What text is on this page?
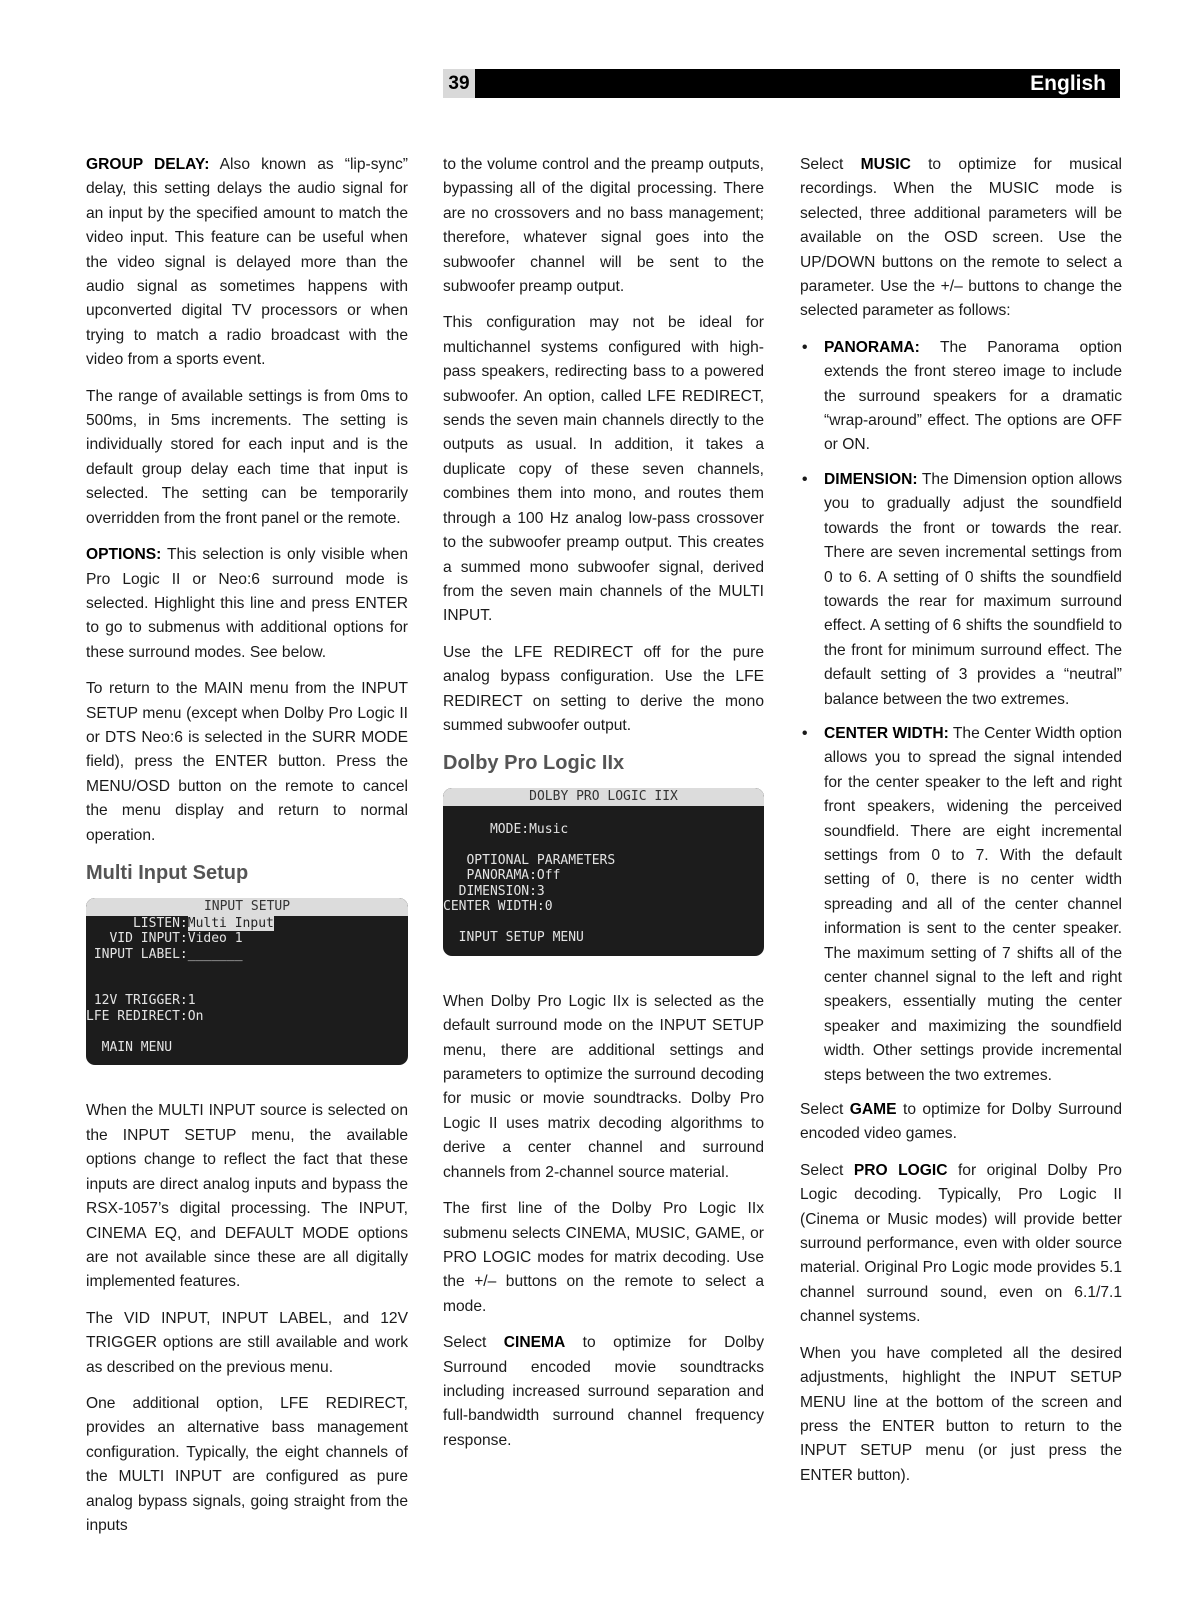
39	English

GROUP DELAY: Also known as “lip-sync” delay, this setting delays the audio signal for an input by the specified amount to match the video input. This feature can be useful when the video signal is delayed more than the audio signal as sometimes happens with upconverted digital TV processors or when trying to match a radio broadcast with the video from a sports event.

The range of available settings is from 0ms to 500ms, in 5ms increments. The setting is individually stored for each input and is the default group delay each time that input is selected. The setting can be temporarily overridden from the front panel or the remote.

OPTIONS: This selection is only visible when Pro Logic II or Neo:6 surround mode is selected. Highlight this line and press ENTER to go to submenus with additional options for these surround modes. See below.

To return to the MAIN menu from the INPUT SETUP menu (except when Dolby Pro Logic II or DTS Neo:6 is selected in the SURR MODE field), press the ENTER button. Press the MENU/OSD button on the remote to cancel the menu display and return to normal operation.

Multi Input Setup
INPUT SETUP
LISTEN:Multi Input
VID INPUT:Video 1
INPUT LABEL:_______

12V TRIGGER:1
LFE REDIRECT:On

MAIN MENU

When the MULTI INPUT source is selected on the INPUT SETUP menu, the available options change to reflect the fact that these inputs are direct analog inputs and bypass the RSX-1057’s digital processing. The INPUT, CINEMA EQ, and DEFAULT MODE options are not available since these are all digitally implemented features.

The VID INPUT, INPUT LABEL, and 12V TRIGGER options are still available and work as described on the previous menu.

One additional option, LFE REDIRECT, provides an alternative bass management configuration. Typically, the eight channels of the MULTI INPUT are configured as pure analog bypass signals, going straight from the inputs

to the volume control and the preamp outputs, bypassing all of the digital processing. There are no crossovers and no bass management; therefore, whatever signal goes into the subwoofer channel will be sent to the subwoofer preamp output.

This configuration may not be ideal for multichannel systems configured with high-pass speakers, redirecting bass to a powered subwoofer. An option, called LFE REDIRECT, sends the seven main channels directly to the outputs as usual. In addition, it takes a duplicate copy of these seven channels, combines them into mono, and routes them through a 100 Hz analog low-pass crossover to the subwoofer preamp output. This creates a summed mono subwoofer signal, derived from the seven main channels of the MULTI INPUT.

Use the LFE REDIRECT off for the pure analog bypass configuration. Use the LFE REDIRECT on setting to derive the mono summed subwoofer output.

Dolby Pro Logic IIx
DOLBY PRO LOGIC IIX

MODE:Music

OPTIONAL PARAMETERS
PANORAMA:Off
DIMENSION:3
CENTER WIDTH:0

INPUT SETUP MENU

When Dolby Pro Logic IIx is selected as the default surround mode on the INPUT SETUP menu, there are additional settings and parameters to optimize the surround decoding for music or movie soundtracks. Dolby Pro Logic II uses matrix decoding algorithms to derive a center channel and surround channels from 2-channel source material.

The first line of the Dolby Pro Logic IIx submenu selects CINEMA, MUSIC, GAME, or PRO LOGIC modes for matrix decoding. Use the +/– buttons on the remote to select a mode.

Select CINEMA to optimize for Dolby Surround encoded movie soundtracks including increased surround separation and full-bandwidth surround channel frequency response.

Select MUSIC to optimize for musical recordings. When the MUSIC mode is selected, three additional parameters will be available on the OSD screen. Use the UP/DOWN buttons on the remote to select a parameter. Use the +/– buttons to change the selected parameter as follows:

• PANORAMA: The Panorama option extends the front stereo image to include the surround speakers for a dramatic “wrap-around” effect. The options are OFF or ON.
• DIMENSION: The Dimension option allows you to gradually adjust the soundfield towards the front or towards the rear. There are seven incremental settings from 0 to 6. A setting of 0 shifts the soundfield towards the rear for maximum surround effect. A setting of 6 shifts the soundfield to the front for minimum surround effect. The default setting of 3 provides a “neutral” balance between the two extremes.
• CENTER WIDTH: The Center Width option allows you to spread the signal intended for the center speaker to the left and right front speakers, widening the perceived soundfield. There are eight incremental settings from 0 to 7. With the default setting of 0, there is no center width spreading and all of the center channel information is sent to the center speaker. The maximum setting of 7 shifts all of the center channel signal to the left and right speakers, essentially muting the center speaker and maximizing the soundfield width. Other settings provide incremental steps between the two extremes.

Select GAME to optimize for Dolby Surround encoded video games.

Select PRO LOGIC for original Dolby Pro Logic decoding. Typically, Pro Logic II (Cinema or Music modes) will provide better surround performance, even with older source material. Original Pro Logic mode provides 5.1 channel surround sound, even on 6.1/7.1 channel systems.

When you have completed all the desired adjustments, highlight the INPUT SETUP MENU line at the bottom of the screen and press the ENTER button to return to the INPUT SETUP menu (or just press the ENTER button).
